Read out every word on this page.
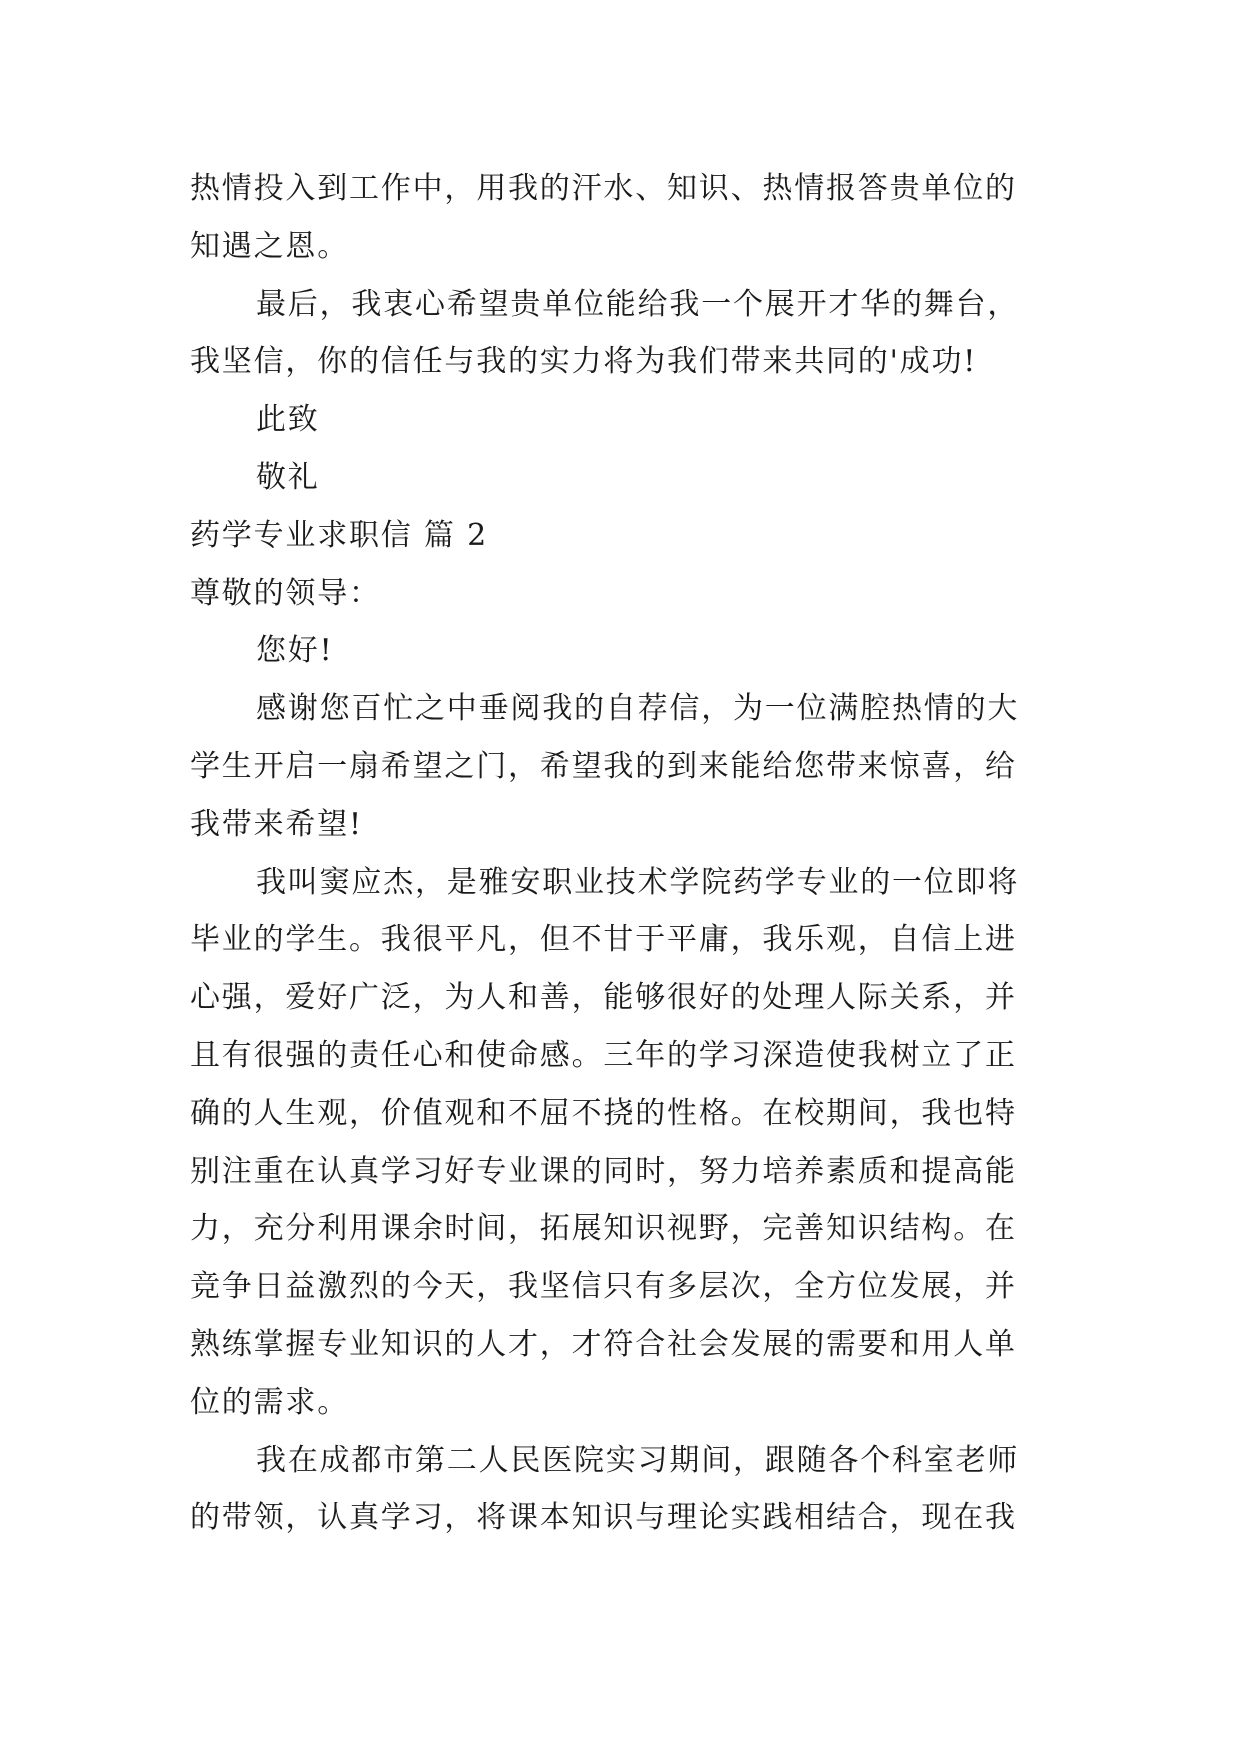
热情投入到工作中，用我的汗水、知识、热情报答贵单位的

知遇之恩。

最后，我衷心希望贵单位能给我一个展开才华的舞台，

我坚信，你的信任与我的实力将为我们带来共同的'成功!

此致

敬礼

药学专业求职信 篇 2

尊敬的领导：

您好!

感谢您百忙之中垂阅我的自荐信，为一位满腔热情的大

学生开启一扇希望之门，希望我的到来能给您带来惊喜，给

我带来希望!

我叫窦应杰，是雅安职业技术学院药学专业的一位即将

毕业的学生。我很平凡，但不甘于平庸，我乐观，自信上进

心强，爱好广泛，为人和善，能够很好的处理人际关系，并

且有很强的责任心和使命感。三年的学习深造使我树立了正

确的人生观，价值观和不屈不挠的性格。在校期间，我也特

别注重在认真学习好专业课的同时，努力培养素质和提高能

力，充分利用课余时间，拓展知识视野，完善知识结构。在

竞争日益激烈的今天，我坚信只有多层次，全方位发展，并

熟练掌握专业知识的人才，才符合社会发展的需要和用人单

位的需求。

我在成都市第二人民医院实习期间，跟随各个科室老师

的带领，认真学习，将课本知识与理论实践相结合，现在我
